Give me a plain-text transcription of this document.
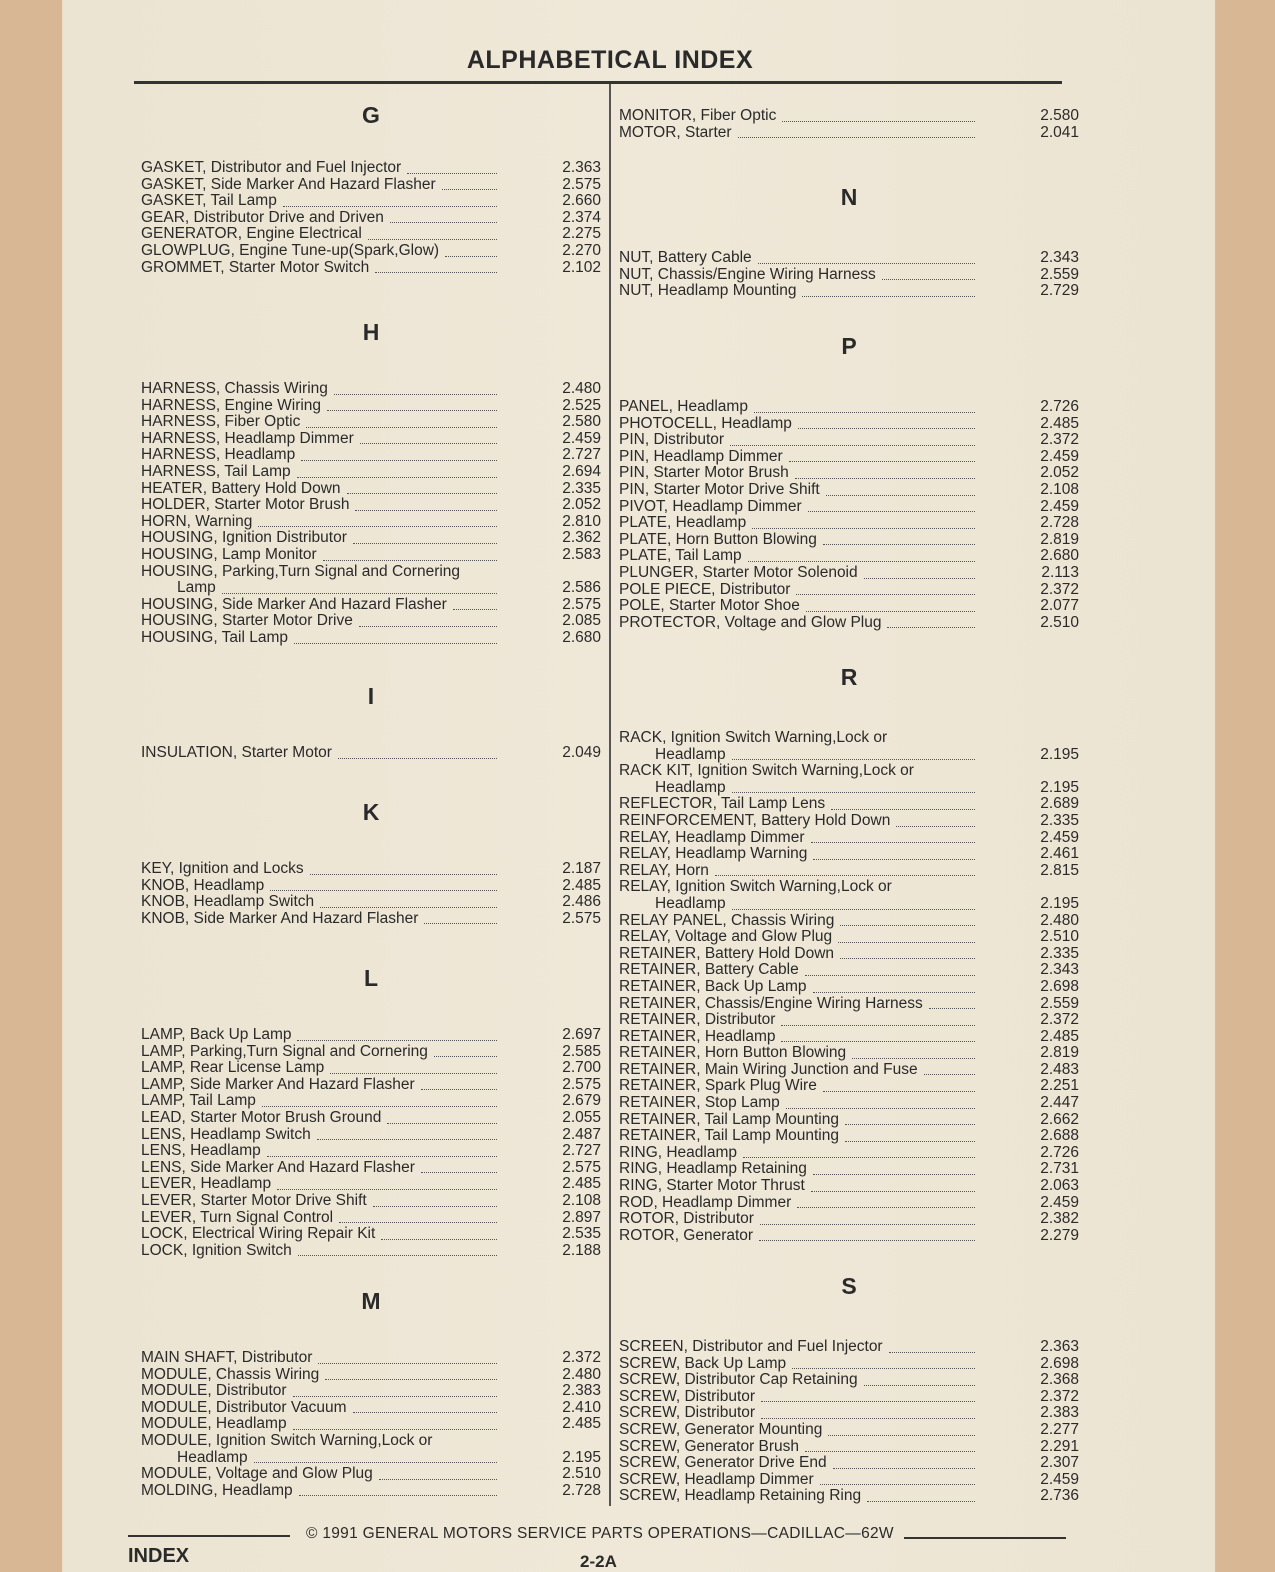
ALPHABETICAL INDEX
G
GASKET, Distributor and Fuel Injector	2.363
GASKET, Side Marker And Hazard Flasher	2.575
GASKET, Tail Lamp	2.660
GEAR, Distributor Drive and Driven	2.374
GENERATOR, Engine Electrical	2.275
GLOWPLUG, Engine Tune-up(Spark,Glow)	2.270
GROMMET, Starter Motor Switch	2.102
H
HARNESS, Chassis Wiring	2.480
HARNESS, Engine Wiring	2.525
HARNESS, Fiber Optic	2.580
HARNESS, Headlamp Dimmer	2.459
HARNESS, Headlamp	2.727
HARNESS, Tail Lamp	2.694
HEATER, Battery Hold Down	2.335
HOLDER, Starter Motor Brush	2.052
HORN, Warning	2.810
HOUSING, Ignition Distributor	2.362
HOUSING, Lamp Monitor	2.583
HOUSING, Parking,Turn Signal and Cornering
Lamp	2.586
HOUSING, Side Marker And Hazard Flasher	2.575
HOUSING, Starter Motor Drive	2.085
HOUSING, Tail Lamp	2.680
I
INSULATION, Starter Motor	2.049
K
KEY, Ignition and Locks	2.187
KNOB, Headlamp	2.485
KNOB, Headlamp Switch	2.486
KNOB, Side Marker And Hazard Flasher	2.575
L
LAMP, Back Up Lamp	2.697
LAMP, Parking,Turn Signal and Cornering	2.585
LAMP, Rear License Lamp	2.700
LAMP, Side Marker And Hazard Flasher	2.575
LAMP, Tail Lamp	2.679
LEAD, Starter Motor Brush Ground	2.055
LENS, Headlamp Switch	2.487
LENS, Headlamp	2.727
LENS, Side Marker And Hazard Flasher	2.575
LEVER, Headlamp	2.485
LEVER, Starter Motor Drive Shift	2.108
LEVER, Turn Signal Control	2.897
LOCK, Electrical Wiring Repair Kit	2.535
LOCK, Ignition Switch	2.188
M
MAIN SHAFT, Distributor	2.372
MODULE, Chassis Wiring	2.480
MODULE, Distributor	2.383
MODULE, Distributor Vacuum	2.410
MODULE, Headlamp	2.485
MODULE, Ignition Switch Warning,Lock or
Headlamp	2.195
MODULE, Voltage and Glow Plug	2.510
MOLDING, Headlamp	2.728
MONITOR, Fiber Optic	2.580
MOTOR, Starter	2.041
N
NUT, Battery Cable	2.343
NUT, Chassis/Engine Wiring Harness	2.559
NUT, Headlamp Mounting	2.729
P
PANEL, Headlamp	2.726
PHOTOCELL, Headlamp	2.485
PIN, Distributor	2.372
PIN, Headlamp Dimmer	2.459
PIN, Starter Motor Brush	2.052
PIN, Starter Motor Drive Shift	2.108
PIVOT, Headlamp Dimmer	2.459
PLATE, Headlamp	2.728
PLATE, Horn Button Blowing	2.819
PLATE, Tail Lamp	2.680
PLUNGER, Starter Motor Solenoid	2.113
POLE PIECE, Distributor	2.372
POLE, Starter Motor Shoe	2.077
PROTECTOR, Voltage and Glow Plug	2.510
R
RACK, Ignition Switch Warning,Lock or
Headlamp	2.195
RACK KIT, Ignition Switch Warning,Lock or
Headlamp	2.195
REFLECTOR, Tail Lamp Lens	2.689
REINFORCEMENT, Battery Hold Down	2.335
RELAY, Headlamp Dimmer	2.459
RELAY, Headlamp Warning	2.461
RELAY, Horn	2.815
RELAY, Ignition Switch Warning,Lock or
Headlamp	2.195
RELAY PANEL, Chassis Wiring	2.480
RELAY, Voltage and Glow Plug	2.510
RETAINER, Battery Hold Down	2.335
RETAINER, Battery Cable	2.343
RETAINER, Back Up Lamp	2.698
RETAINER, Chassis/Engine Wiring Harness	2.559
RETAINER, Distributor	2.372
RETAINER, Headlamp	2.485
RETAINER, Horn Button Blowing	2.819
RETAINER, Main Wiring Junction and Fuse	2.483
RETAINER, Spark Plug Wire	2.251
RETAINER, Stop Lamp	2.447
RETAINER, Tail Lamp Mounting	2.662
RETAINER, Tail Lamp Mounting	2.688
RING, Headlamp	2.726
RING, Headlamp Retaining	2.731
RING, Starter Motor Thrust	2.063
ROD, Headlamp Dimmer	2.459
ROTOR, Distributor	2.382
ROTOR, Generator	2.279
S
SCREEN, Distributor and Fuel Injector	2.363
SCREW, Back Up Lamp	2.698
SCREW, Distributor Cap Retaining	2.368
SCREW, Distributor	2.372
SCREW, Distributor	2.383
SCREW, Generator Mounting	2.277
SCREW, Generator Brush	2.291
SCREW, Generator Drive End	2.307
SCREW, Headlamp Dimmer	2.459
SCREW, Headlamp Retaining Ring	2.736
© 1991 GENERAL MOTORS SERVICE PARTS OPERATIONS—CADILLAC—62W
INDEX	2-2A
